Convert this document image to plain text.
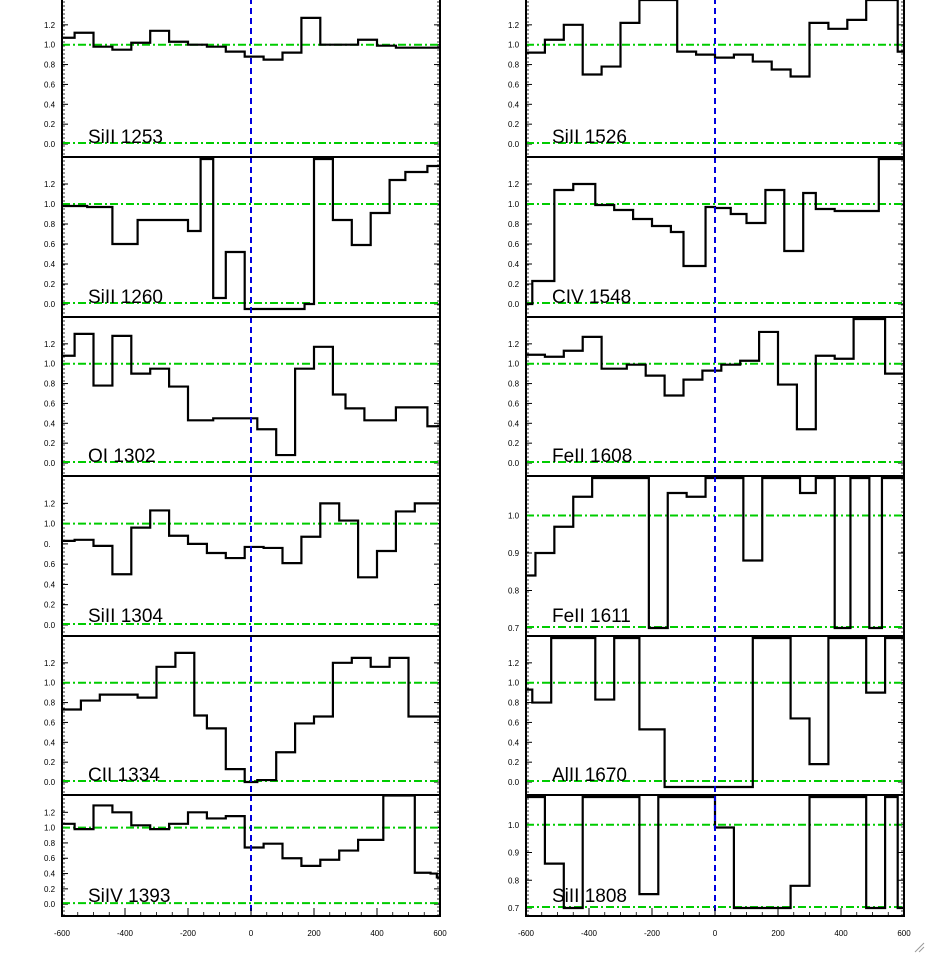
0.0
0.2
0.4
0.6
0.8
1.0
1.2
SiII 1253	0.0
0.2
0.4
0.6
0.8
1.0
1.2
SiII 1526
0.0
0.2
0.4
0.6
0.8
1.0
1.2
SiII 1260	0.0
0.2
0.4
0.6
0.8
1.0
1.2
CIV 1548
0.0
0.2
0.4
0.6
0.8
1.0
1.2
OI 1302	0.0
0.2
0.4
0.6
0.8
1.0
1.2
FeII 1608
0.0
0.2
0.4
0.6
0.
1.0
1.2
SiII 1304
0.7
0.8
0.9
1.0
FeII 1611
0.0
0.2
0.4
0.6
0.8
1.0
1.2
CII 1334	0.0
0.2
0.4
0.6
0.8
1.0
1.2
AlII 1670
0.0
0.2
0.4
0.6
0.8
1.0
1.2
SiIV 1393
0.7
0.8
0.9
1.0
SiII 1808
-600	-400	-200	0	200	400	600	-600	-400	-200	0	200	400	600
